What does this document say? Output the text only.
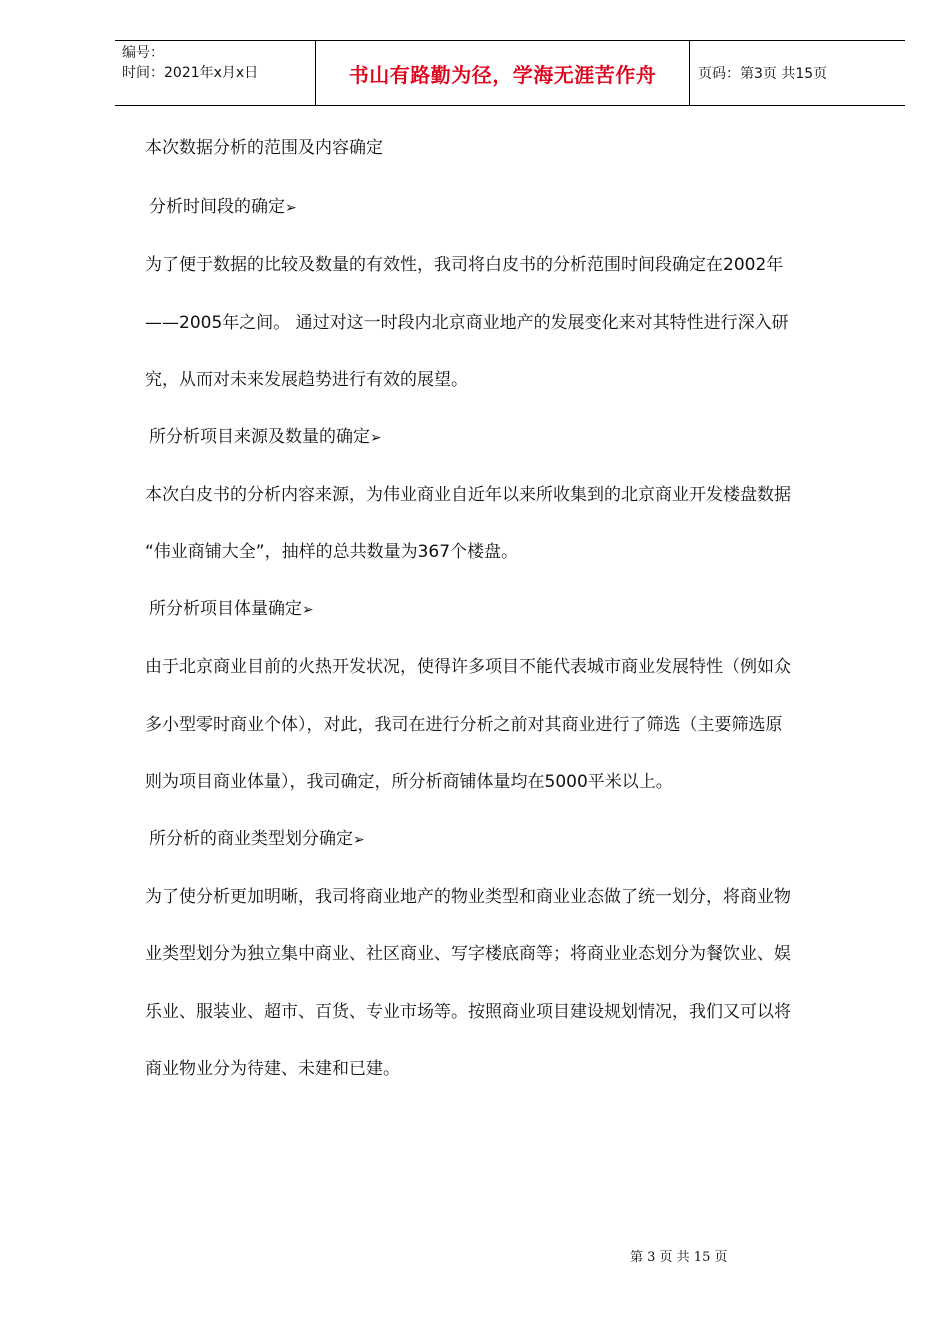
编号：
时间：2021年x月x日	书山有路勤为径，学海无涯苦作舟	页码：第3页 共15页
本次数据分析的范围及内容确定
分析时间段的确定➢
为了便于数据的比较及数量的有效性，我司将白皮书的分析范围时间段确定在2002年
——2005年之间。 通过对这一时段内北京商业地产的发展变化来对其特性进行深入研
究，从而对未来发展趋势进行有效的展望。
所分析项目来源及数量的确定➢
本次白皮书的分析内容来源，为伟业商业自近年以来所收集到的北京商业开发楼盘数据
“伟业商铺大全”，抽样的总共数量为367个楼盘。
所分析项目体量确定➢
由于北京商业目前的火热开发状况，使得许多项目不能代表城市商业发展特性（例如众
多小型零时商业个体），对此，我司在进行分析之前对其商业进行了筛选（主要筛选原
则为项目商业体量），我司确定，所分析商铺体量均在5000平米以上。
所分析的商业类型划分确定➢
为了使分析更加明晰，我司将商业地产的物业类型和商业业态做了统一划分，将商业物
业类型划分为独立集中商业、社区商业、写字楼底商等；将商业业态划分为餐饮业、娱
乐业、服装业、超市、百货、专业市场等。按照商业项目建设规划情况，我们又可以将
商业物业分为待建、未建和已建。
第 3 页 共 15 页
